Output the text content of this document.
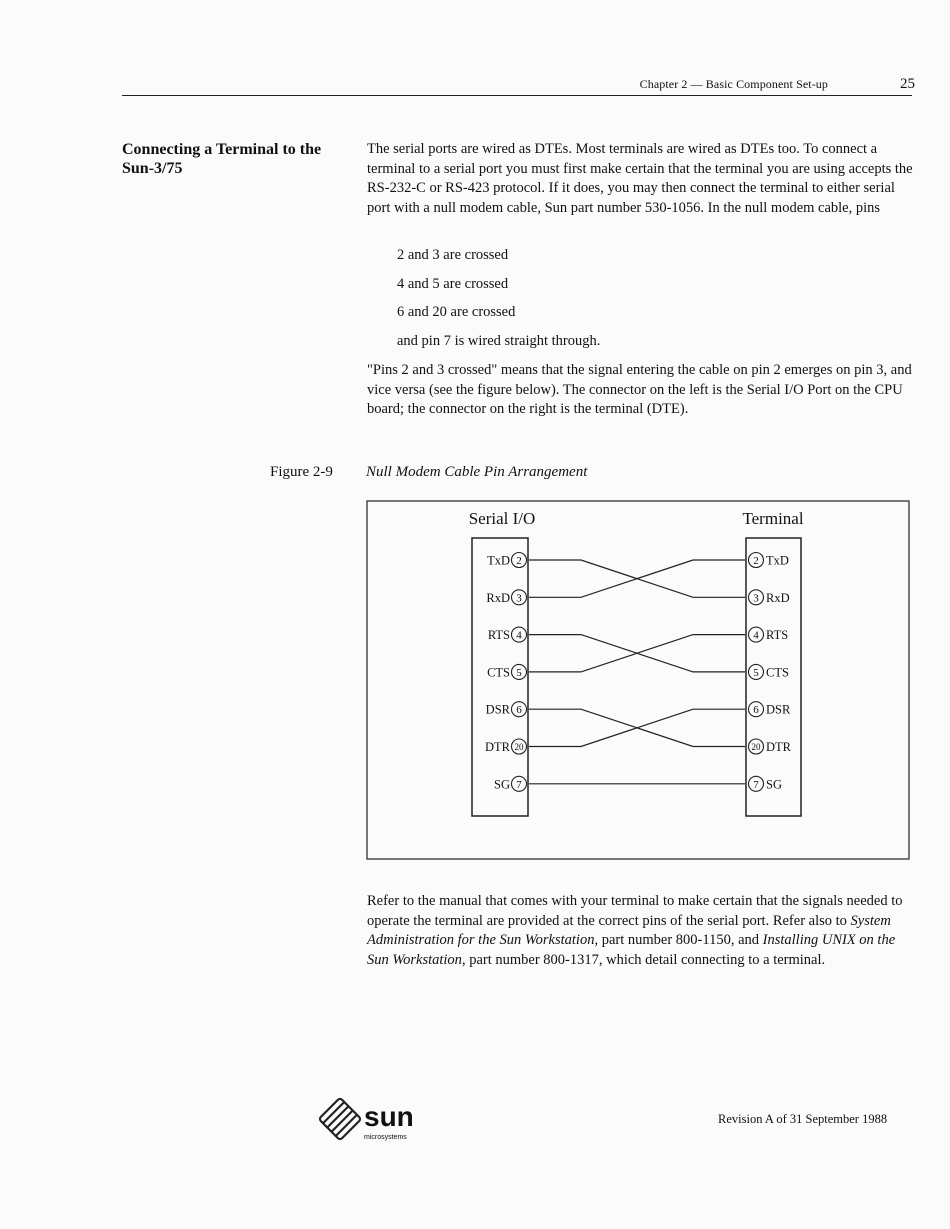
Chapter 2 — Basic Component Set-up	25
Connecting a Terminal to the Sun-3/75
The serial ports are wired as DTEs. Most terminals are wired as DTEs too. To connect a terminal to a serial port you must first make certain that the terminal you are using accepts the RS-232-C or RS-423 protocol. If it does, you may then connect the terminal to either serial port with a null modem cable, Sun part number 530-1056. In the null modem cable, pins
2 and 3 are crossed
4 and 5 are crossed
6 and 20 are crossed
and pin 7 is wired straight through.
"Pins 2 and 3 crossed" means that the signal entering the cable on pin 2 emerges on pin 3, and vice versa (see the figure below). The connector on the left is the Serial I/O Port on the CPU board; the connector on the right is the terminal (DTE).
Figure 2-9 Null Modem Cable Pin Arrangement
Serial I/O	Terminal
2
TxD
3
RxD
4
RTS
5
CTS
6
DSR
20
DTR
7
SG
2 TxD
3 RxD
4 RTS
5 CTS
6 DSR
20 DTR
7 SG
Refer to the manual that comes with your terminal to make certain that the signals needed to operate the terminal are provided at the correct pins of the serial port. Refer also to System Administration for the Sun Workstation, part number 800-1150, and Installing UNIX on the Sun Workstation, part number 800-1317, which detail connecting to a terminal.
sun
microsystems
Revision A of 31 September 1988
